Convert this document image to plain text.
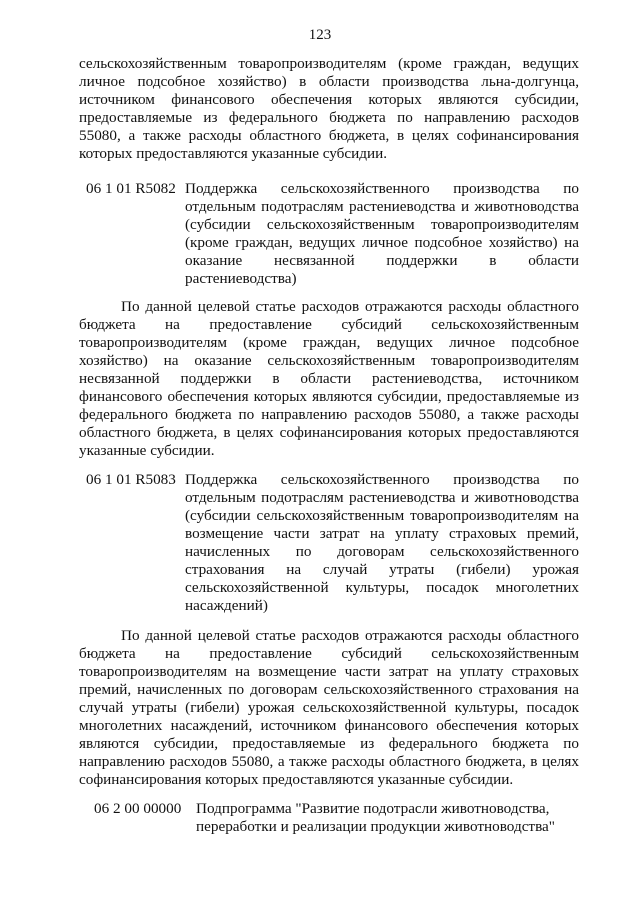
123

сельскохозяйственным товаропроизводителям (кроме граждан, ведущих личное подсобное хозяйство) в области производства льна-долгунца, источником финансового обеспечения которых являются субсидии, предоставляемые из федерального бюджета по направлению расходов 55080, а также расходы областного бюджета, в целях софинансирования которых предоставляются указанные субсидии.

06 1 01 R5082 Поддержка сельскохозяйственного производства по отдельным подотраслям растениеводства и животноводства (субсидии сельскохозяйственным товаропроизводителям (кроме граждан, ведущих личное подсобное хозяйство) на оказание несвязанной поддержки в области растениеводства)

По данной целевой статье расходов отражаются расходы областного бюджета на предоставление субсидий сельскохозяйственным товаропроизводителям (кроме граждан, ведущих личное подсобное хозяйство) на оказание сельскохозяйственным товаропроизводителям несвязанной поддержки в области растениеводства, источником финансового обеспечения которых являются субсидии, предоставляемые из федерального бюджета по направлению расходов 55080, а также расходы областного бюджета, в целях софинансирования которых предоставляются указанные субсидии.

06 1 01 R5083 Поддержка сельскохозяйственного производства по отдельным подотраслям растениеводства и животноводства (субсидии сельскохозяйственным товаропроизводителям на возмещение части затрат на уплату страховых премий, начисленных по договорам сельскохозяйственного страхования на случай утраты (гибели) урожая сельскохозяйственной культуры, посадок многолетних насаждений)

По данной целевой статье расходов отражаются расходы областного бюджета на предоставление субсидий сельскохозяйственным товаропроизводителям на возмещение части затрат на уплату страховых премий, начисленных по договорам сельскохозяйственного страхования на случай утраты (гибели) урожая сельскохозяйственной культуры, посадок многолетних насаждений, источником финансового обеспечения которых являются субсидии, предоставляемые из федерального бюджета по направлению расходов 55080, а также расходы областного бюджета, в целях софинансирования которых предоставляются указанные субсидии.

06 2 00 00000 Подпрограмма "Развитие подотрасли животноводства, переработки и реализации продукции животноводства"
